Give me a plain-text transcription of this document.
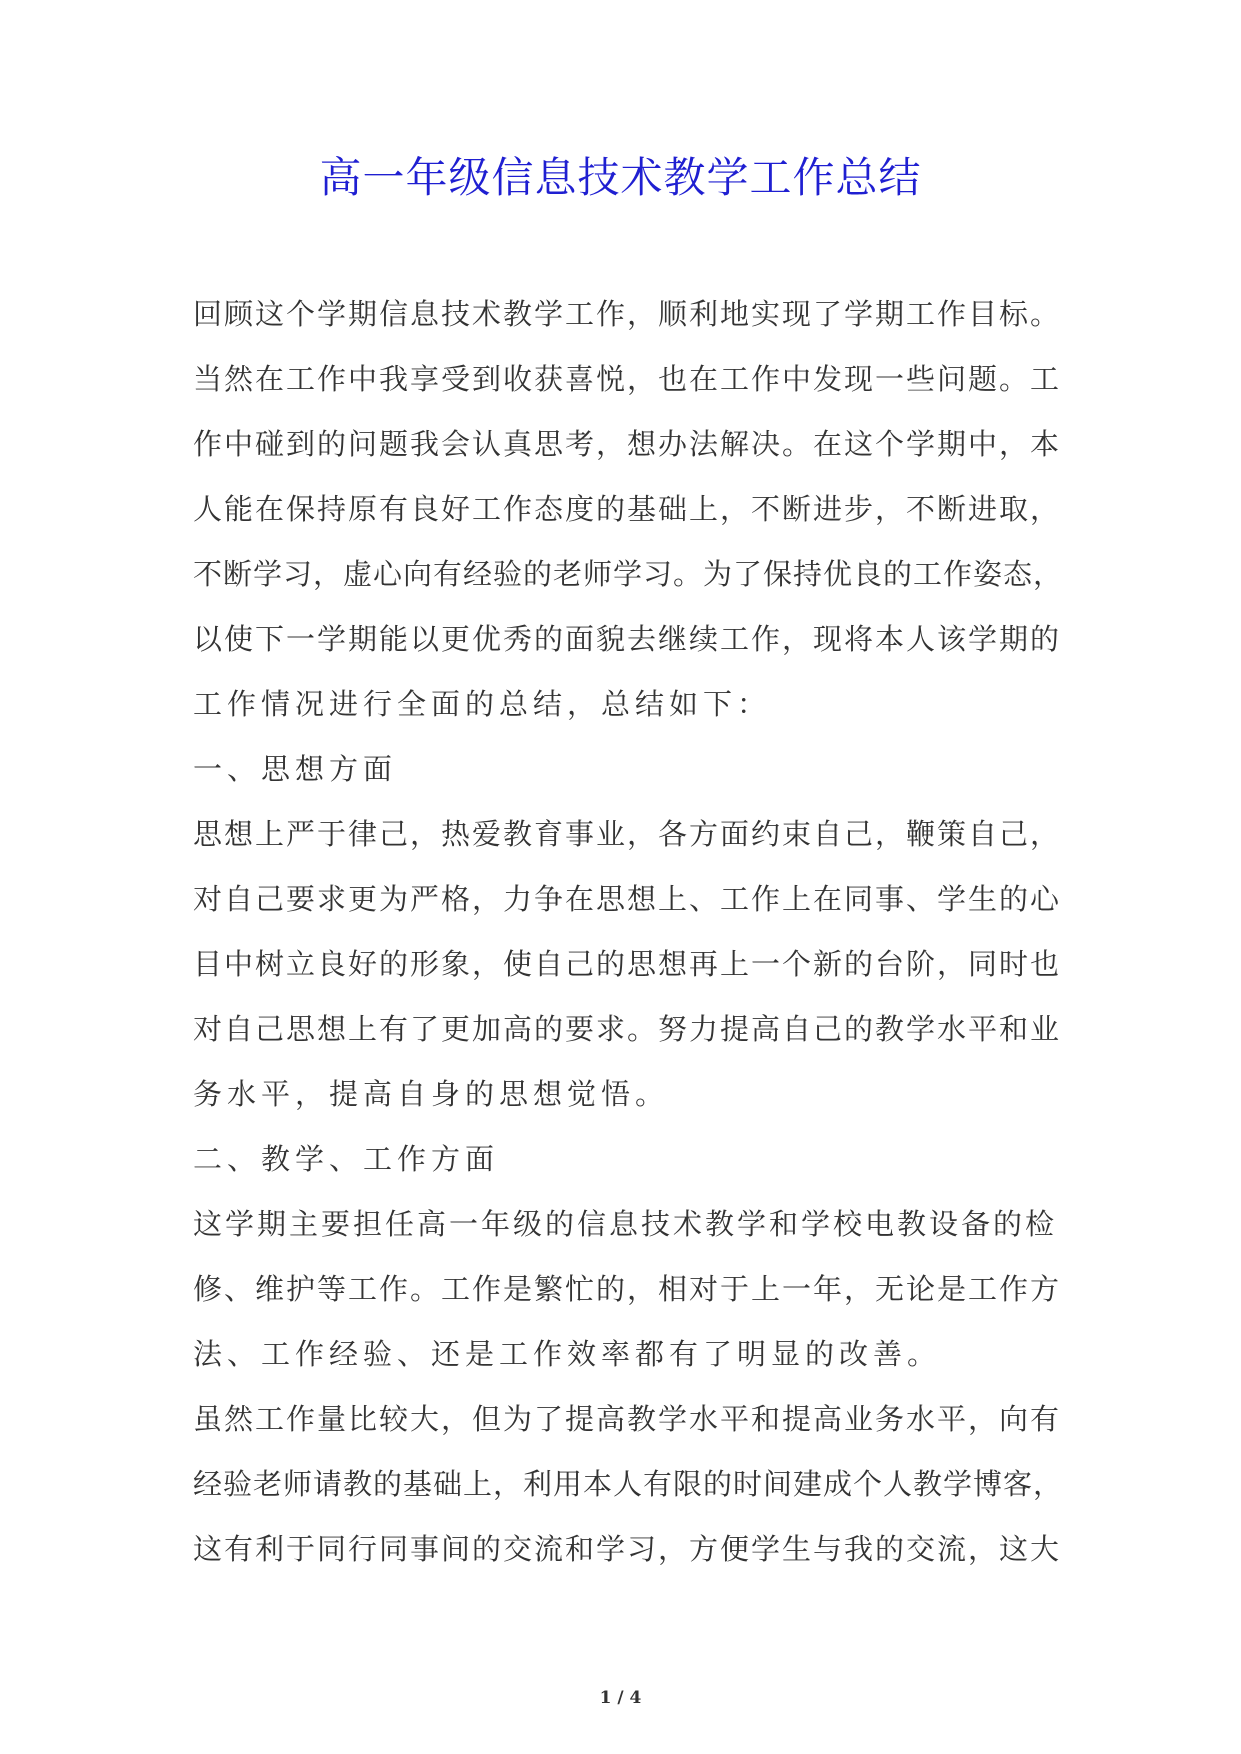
高一年级信息技术教学工作总结
回顾这个学期信息技术教学工作，顺利地实现了学期工作目标。
当然在工作中我享受到收获喜悦，也在工作中发现一些问题。工
作中碰到的问题我会认真思考，想办法解决。在这个学期中，本
人能在保持原有良好工作态度的基础上，不断进步，不断进取，
不断学习，虚心向有经验的老师学习。为了保持优良的工作姿态，
以使下一学期能以更优秀的面貌去继续工作，现将本人该学期的
工作情况进行全面的总结，总结如下：
一、思想方面
思想上严于律己，热爱教育事业，各方面约束自己，鞭策自己，
对自己要求更为严格，力争在思想上、工作上在同事、学生的心
目中树立良好的形象，使自己的思想再上一个新的台阶，同时也
对自己思想上有了更加高的要求。努力提高自己的教学水平和业
务水平，提高自身的思想觉悟。
二、教学、工作方面
这学期主要担任高一年级的信息技术教学和学校电教设备的检
修、维护等工作。工作是繁忙的，相对于上一年，无论是工作方
法、工作经验、还是工作效率都有了明显的改善。
虽然工作量比较大，但为了提高教学水平和提高业务水平，向有
经验老师请教的基础上，利用本人有限的时间建成个人教学博客，
这有利于同行同事间的交流和学习，方便学生与我的交流，这大
1 / 4
